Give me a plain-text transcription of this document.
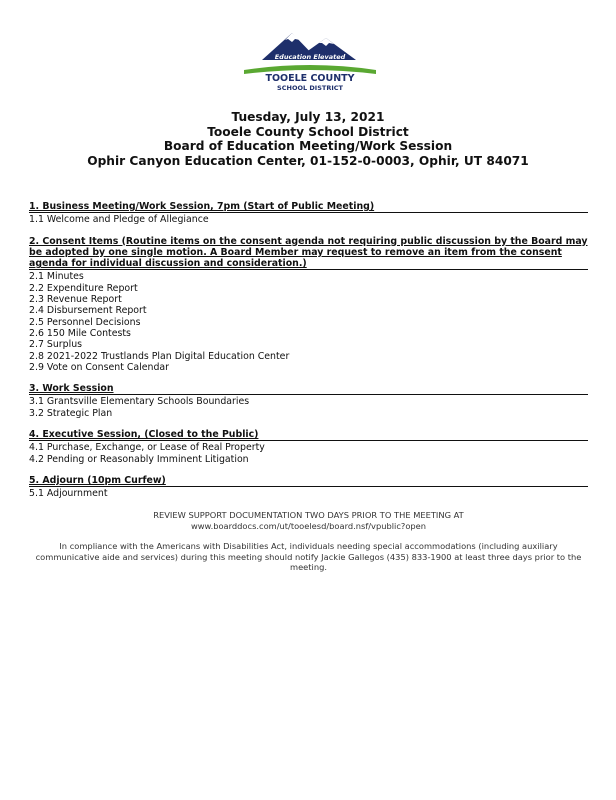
Education Elevated
TOOELE COUNTY
SCHOOL DISTRICT
Tuesday, July 13, 2021
Tooele County School District
Board of Education Meeting/Work Session
Ophir Canyon Education Center, 01-152-0-0003, Ophir, UT 84071
1. Business Meeting/Work Session, 7pm (Start of Public Meeting)
1.1 Welcome and Pledge of Allegiance
2. Consent Items (Routine items on the consent agenda not requiring public discussion by the Board may be adopted by one single motion. A Board Member may request to remove an item from the consent agenda for individual discussion and consideration.)
2.1 Minutes
2.2 Expenditure Report
2.3 Revenue Report
2.4 Disbursement Report
2.5 Personnel Decisions
2.6 150 Mile Contests
2.7 Surplus
2.8 2021-2022 Trustlands Plan Digital Education Center
2.9 Vote on Consent Calendar
3. Work Session
3.1 Grantsville Elementary Schools Boundaries
3.2 Strategic Plan
4. Executive Session, (Closed to the Public)
4.1 Purchase, Exchange, or Lease of Real Property
4.2 Pending or Reasonably Imminent Litigation
5. Adjourn (10pm Curfew)
5.1 Adjournment
REVIEW SUPPORT DOCUMENTATION TWO DAYS PRIOR TO THE MEETING AT
www.boarddocs.com/ut/tooelesd/board.nsf/vpublic?open
In compliance with the Americans with Disabilities Act, individuals needing special accommodations (including auxiliary communicative aide and services) during this meeting should notify Jackie Gallegos (435) 833-1900 at least three days prior to the meeting.
